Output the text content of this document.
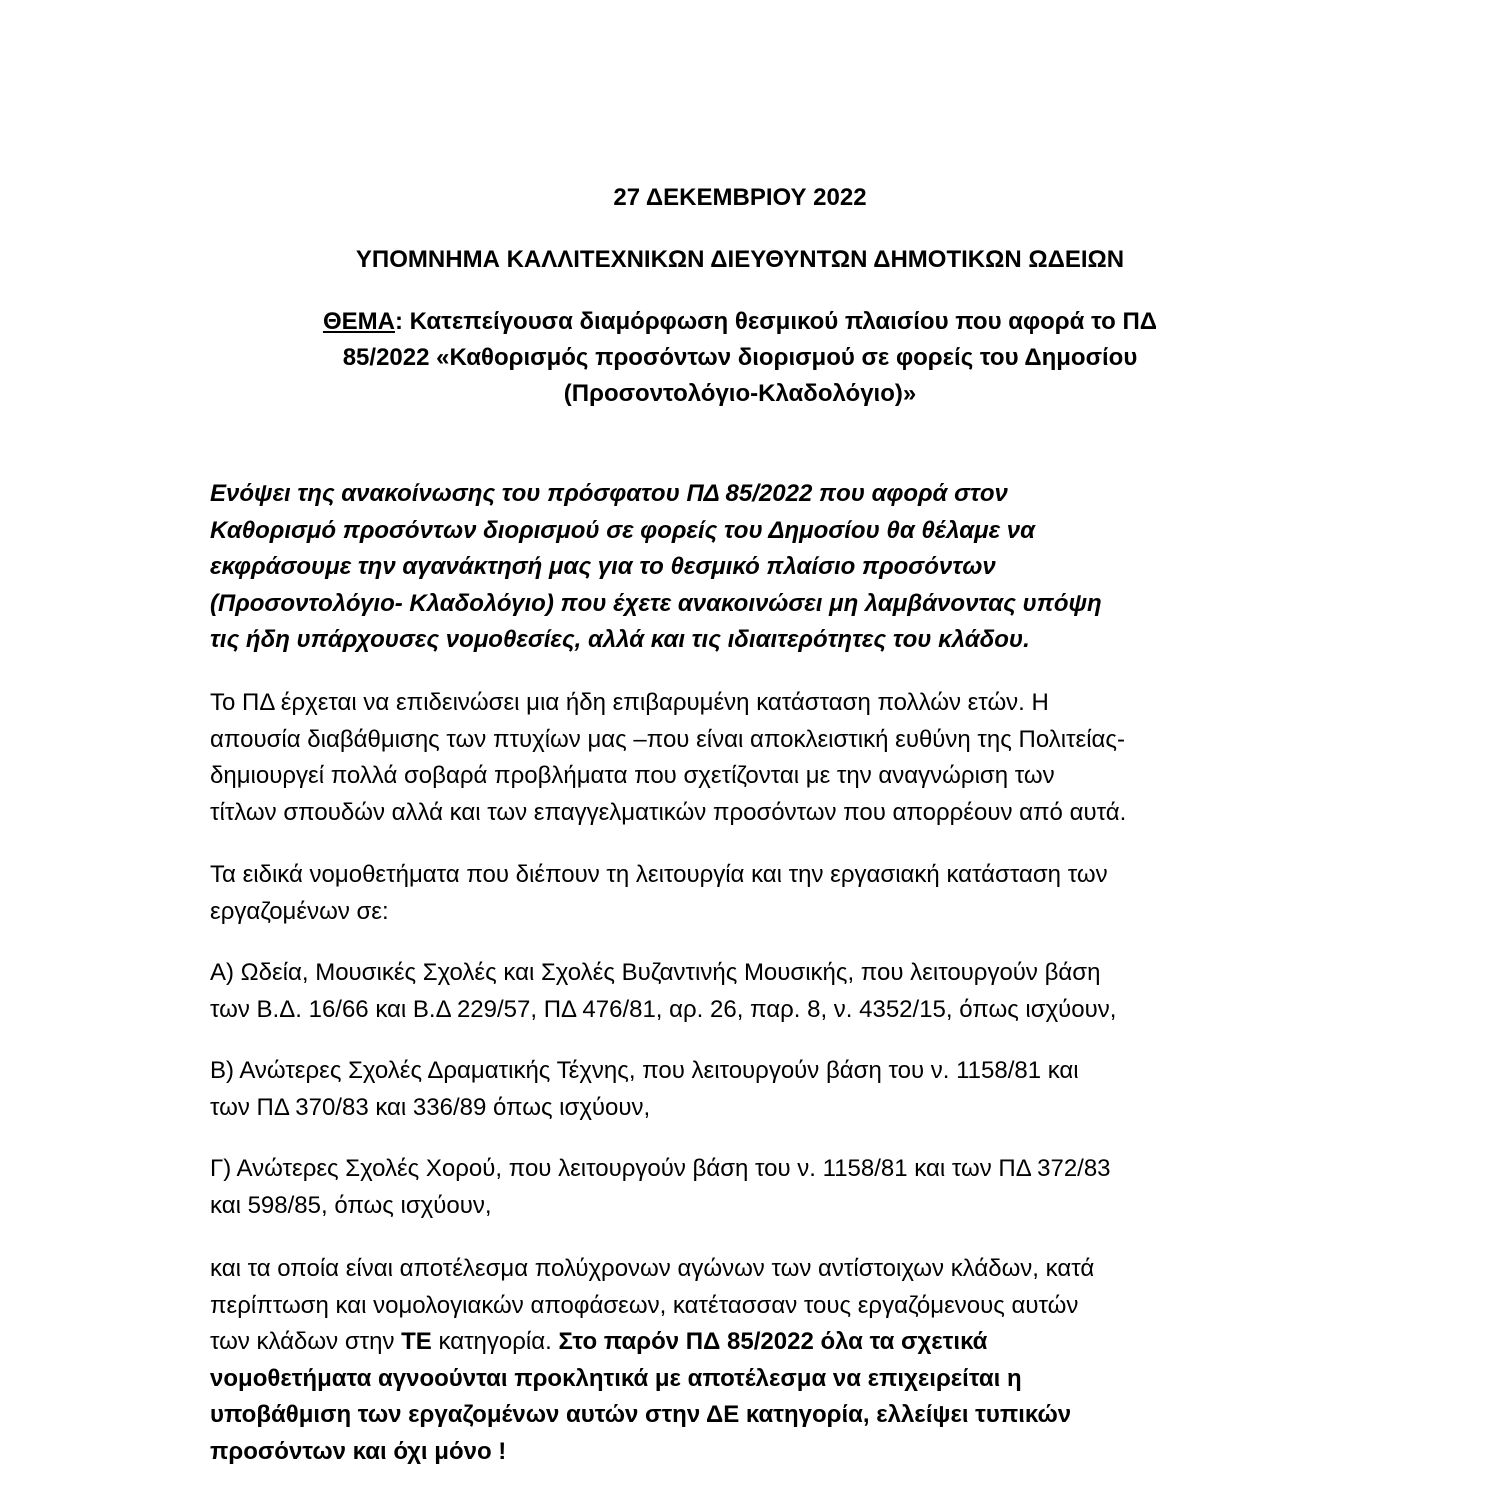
27 ΔΕΚΕΜΒΡΙΟΥ 2022
ΥΠΟΜΝΗΜΑ ΚΑΛΛΙΤΕΧΝΙΚΩΝ ΔΙΕΥΘΥΝΤΩΝ ΔΗΜΟΤΙΚΩΝ ΩΔΕΙΩΝ
ΘΕΜΑ: Κατεπείγουσα διαμόρφωση θεσμικού πλαισίου που αφορά το ΠΔ
85/2022 «Καθορισμός προσόντων διορισμού σε φορείς του Δημοσίου
(Προσοντολόγιο-Κλαδολόγιο)»
Ενόψει της ανακοίνωσης του πρόσφατου ΠΔ 85/2022 που αφορά στον
Καθορισμό προσόντων διορισμού σε φορείς του Δημοσίου θα θέλαμε να
εκφράσουμε την αγανάκτησή μας για το θεσμικό πλαίσιο προσόντων
(Προσοντολόγιο- Κλαδολόγιο) που έχετε ανακοινώσει μη λαμβάνοντας υπόψη
τις ήδη υπάρχουσες νομοθεσίες, αλλά και τις ιδιαιτερότητες του κλάδου.
Το ΠΔ έρχεται να επιδεινώσει μια ήδη επιβαρυμένη κατάσταση πολλών ετών. Η
απουσία διαβάθμισης των πτυχίων μας –που είναι αποκλειστική ευθύνη της Πολιτείας-
δημιουργεί πολλά σοβαρά προβλήματα που σχετίζονται με την αναγνώριση των
τίτλων σπουδών αλλά και των επαγγελματικών προσόντων που απορρέουν από αυτά.
Τα ειδικά νομοθετήματα που διέπουν τη λειτουργία και την εργασιακή κατάσταση των
εργαζομένων σε:
Α) Ωδεία, Μουσικές Σχολές και Σχολές Βυζαντινής Μουσικής, που λειτουργούν βάση
των Β.Δ. 16/66 και Β.Δ 229/57, ΠΔ 476/81, αρ. 26, παρ. 8, ν. 4352/15, όπως ισχύουν,
Β) Ανώτερες Σχολές Δραματικής Τέχνης, που λειτουργούν βάση του ν. 1158/81 και
των ΠΔ 370/83 και 336/89 όπως ισχύουν,
Γ) Ανώτερες Σχολές Χορού, που λειτουργούν βάση του ν. 1158/81 και των ΠΔ 372/83
και 598/85, όπως ισχύουν,
και τα οποία είναι αποτέλεσμα πολύχρονων αγώνων των αντίστοιχων κλάδων, κατά
περίπτωση και νομολογιακών αποφάσεων, κατέτασσαν τους εργαζόμενους αυτών
των κλάδων στην ΤΕ κατηγορία. Στο παρόν ΠΔ 85/2022 όλα τα σχετικά
νομοθετήματα αγνοούνται προκλητικά με αποτέλεσμα να επιχειρείται η
υποβάθμιση των εργαζομένων αυτών στην ΔΕ κατηγορία, ελλείψει τυπικών
προσόντων και όχι μόνο !
